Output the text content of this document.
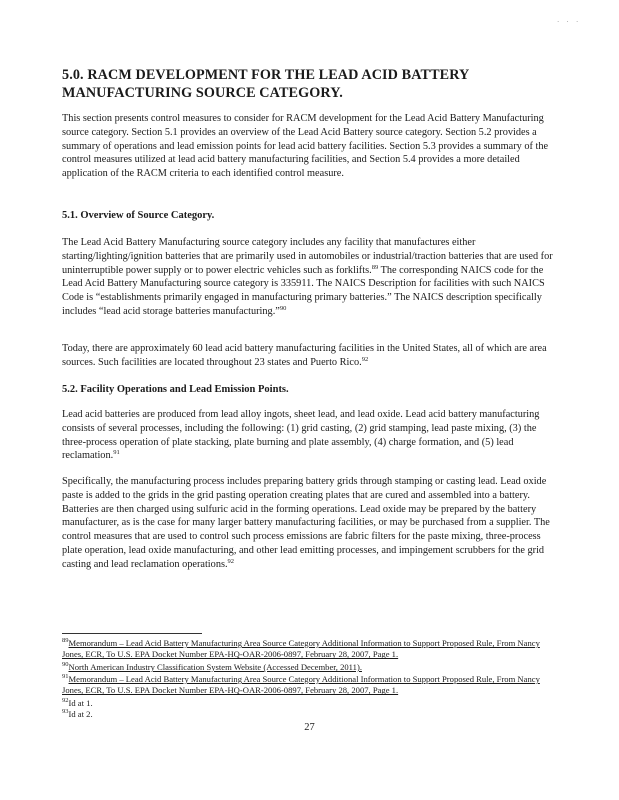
. . .
5.0. RACM DEVELOPMENT FOR THE LEAD ACID BATTERY
MANUFACTURING SOURCE CATEGORY.

This section presents control measures to consider for RACM development for the Lead Acid Battery Manufacturing source category. Section 5.1 provides an overview of the Lead Acid Battery source category. Section 5.2 provides a summary of operations and lead emission points for lead acid battery facilities. Section 5.3 provides a summary of the control measures utilized at lead acid battery manufacturing facilities, and Section 5.4 provides a more detailed application of the RACM criteria to each identified control measure.

5.1. Overview of Source Category.

The Lead Acid Battery Manufacturing source category includes any facility that manufactures either starting/lighting/ignition batteries that are primarily used in automobiles or industrial/traction batteries that are used for uninterruptible power supply or to power electric vehicles such as forklifts.$^{89}$ The corresponding NAICS code for the Lead Acid Battery Manufacturing source category is 335911. The NAICS Description for facilities with such NAICS Code is “establishments primarily engaged in manufacturing primary batteries.” The NAICS description specifically includes “lead acid storage batteries manufacturing.”$^{90}$

Today, there are approximately 60 lead acid battery manufacturing facilities in the United States, all of which are area sources. Such facilities are located throughout 23 states and Puerto Rico.$^{92}$

5.2. Facility Operations and Lead Emission Points.

Lead acid batteries are produced from lead alloy ingots, sheet lead, and lead oxide. Lead acid battery manufacturing consists of several processes, including the following: (1) grid casting, (2) grid stamping, lead paste mixing, (3) the three-process operation of plate stacking, plate burning and plate assembly, (4) charge formation, and (5) lead reclamation.$^{91}$

Specifically, the manufacturing process includes preparing battery grids through stamping or casting lead. Lead oxide paste is added to the grids in the grid pasting operation creating plates that are cured and assembled into a battery. Batteries are then charged using sulfuric acid in the forming operations. Lead oxide may be prepared by the battery manufacturer, as is the case for many larger battery manufacturing facilities, or may be purchased from a supplier. The control measures that are used to control such process emissions are fabric filters for the paste mixing, three-process plate operation, lead oxide manufacturing, and other lead emitting processes, and impingement scrubbers for the grid casting and lead reclamation operations.$^{92}$

$^{89}$Memorandum – Lead Acid Battery Manufacturing Area Source Category Additional Information to Support Proposed Rule, From Nancy Jones, ECR, To U.S. EPA Docket Number EPA-HQ-OAR-2006-0897, February 28, 2007, Page 1.

$^{90}$North American Industry Classification System Website (Accessed December, 2011).

$^{91}$Memorandum – Lead Acid Battery Manufacturing Area Source Category Additional Information to Support Proposed Rule, From Nancy Jones, ECR, To U.S. EPA Docket Number EPA-HQ-OAR-2006-0897, February 28, 2007, Page 1.

$^{92}$Id at 1.

$^{93}$Id at 2.

27
